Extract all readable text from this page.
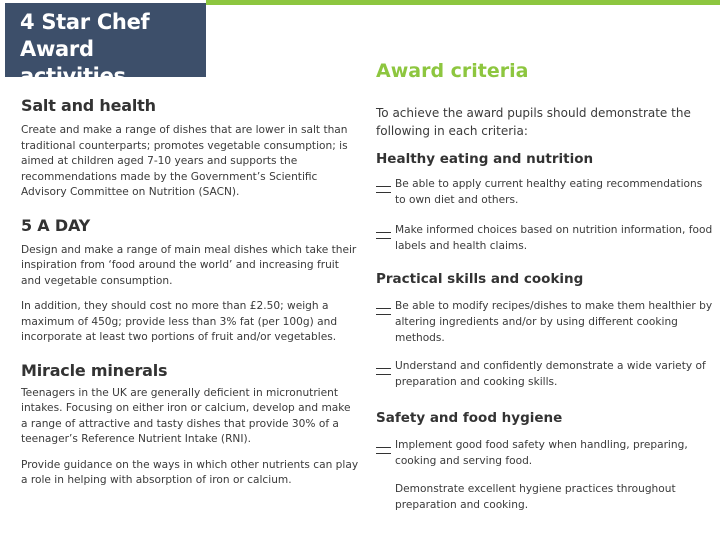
4 Star Chef
Award activities
Salt and health

Create and make a range of dishes that are lower in salt than traditional counterparts; promotes vegetable consumption; is aimed at children aged 7-10 years and supports the recommendations made by the Government’s Scientific Advisory Committee on Nutrition (SACN).

5 A DAY

Design and make a range of main meal dishes which take their inspiration from ‘food around the world’ and increasing fruit and vegetable consumption.

In addition, they should cost no more than £2.50; weigh a maximum of 450g; provide less than 3% fat (per 100g) and incorporate at least two portions of fruit and/or vegetables.

Miracle minerals

Teenagers in the UK are generally deficient in micronutrient intakes. Focusing on either iron or calcium, develop and make a range of attractive and tasty dishes that provide 30% of a teenager’s Reference Nutrient Intake (RNI).

Provide guidance on the ways in which other nutrients can play a role in helping with absorption of iron or calcium.

Award criteria

To achieve the award pupils should demonstrate the following in each criteria:

Healthy eating and nutrition
Be able to apply current healthy eating recommendations to own diet and others.
Make informed choices based on nutrition information, food labels and health claims.
Practical skills and cooking
Be able to modify recipes/dishes to make them healthier by altering ingredients and/or by using different cooking methods.
Understand and confidently demonstrate a wide variety of preparation and cooking skills.
Safety and food hygiene
Implement good food safety when handling, preparing, cooking and serving food.
Demonstrate excellent hygiene practices throughout preparation and cooking.
